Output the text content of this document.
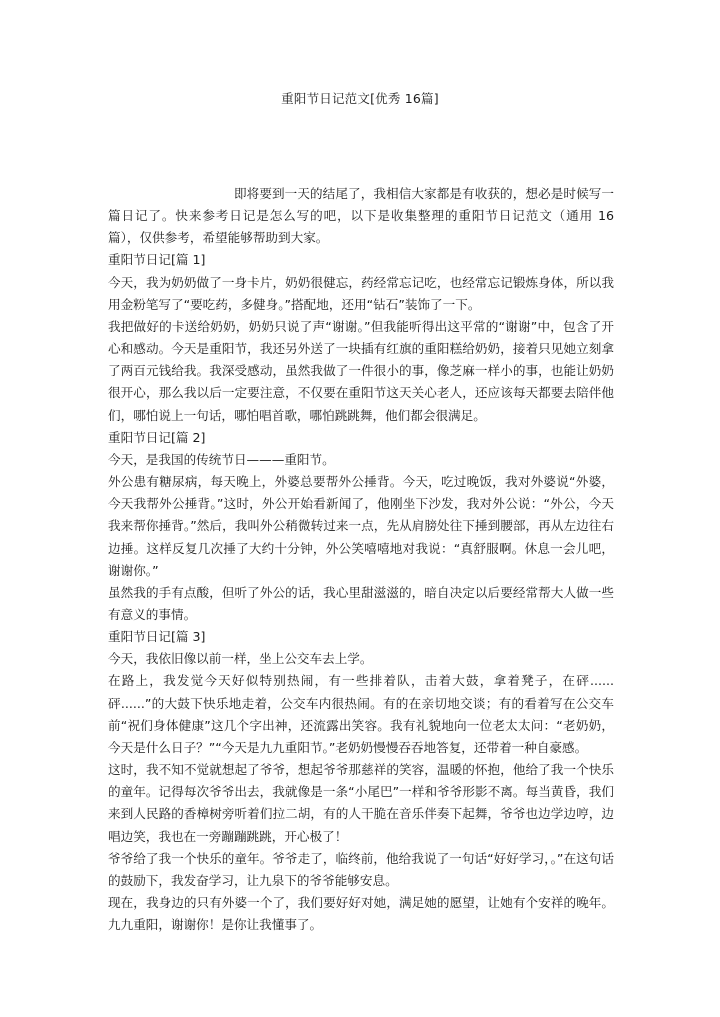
重阳节日记范文[优秀 16篇]

即将要到一天的结尾了，我相信大家都是有收获的，想必是时候写一篇日记了。快来参考日记是怎么写的吧，以下是收集整理的重阳节日记范文（通用 16 篇），仅供参考，希望能够帮助到大家。

重阳节日记[篇 1]

今天，我为奶奶做了一身卡片，奶奶很健忘，药经常忘记吃，也经常忘记锻炼身体，所以我用金粉笔写了“要吃药，多健身。”搭配地，还用“钻石”装饰了一下。

我把做好的卡送给奶奶，奶奶只说了声“谢谢。”但我能听得出这平常的“谢谢”中，包含了开心和感动。今天是重阳节，我还另外送了一块插有红旗的重阳糕给奶奶，接着只见她立刻拿了两百元钱给我。我深受感动，虽然我做了一件很小的事，像芝麻一样小的事，也能让奶奶很开心，那么我以后一定要注意，不仅要在重阳节这天关心老人，还应该每天都要去陪伴他们，哪怕说上一句话，哪怕唱首歌，哪怕跳跳舞，他们都会很满足。

重阳节日记[篇 2]

今天，是我国的传统节日———重阳节。

外公患有糖尿病，每天晚上，外婆总要帮外公捶背。今天，吃过晚饭，我对外婆说“外婆，今天我帮外公捶背。”这时，外公开始看新闻了，他刚坐下沙发，我对外公说：“外公，今天我来帮你捶背。”然后，我叫外公稍微转过来一点，先从肩膀处往下捶到腰部，再从左边往右边捶。这样反复几次捶了大约十分钟，外公笑嘻嘻地对我说：“真舒服啊。休息一会儿吧，谢谢你。”

虽然我的手有点酸，但听了外公的话，我心里甜滋滋的，暗自决定以后要经常帮大人做一些有意义的事情。

重阳节日记[篇 3]

今天，我依旧像以前一样，坐上公交车去上学。

在路上，我发觉今天好似特别热闹，有一些排着队，击着大鼓，拿着凳子，在砰......砰......”的大鼓下快乐地走着，公交车内很热闹。有的在亲切地交谈；有的看着写在公交车前“祝们身体健康”这几个字出神，还流露出笑容。我有礼貌地向一位老太太问：“老奶奶，今天是什么日子？”“今天是九九重阳节。”老奶奶慢慢吞吞地答复，还带着一种自豪感。

这时，我不知不觉就想起了爷爷，想起爷爷那慈祥的笑容，温暖的怀抱，他给了我一个快乐的童年。记得每次爷爷出去，我就像是一条“小尾巴”一样和爷爷形影不离。每当黄昏，我们来到人民路的香樟树旁听着们拉二胡，有的人干脆在音乐伴奏下起舞，爷爷也边学边哼，边唱边笑，我也在一旁蹦蹦跳跳，开心极了！

爷爷给了我一个快乐的童年。爷爷走了，临终前，他给我说了一句话“好好学习，。”在这句话的鼓励下，我发奋学习，让九泉下的爷爷能够安息。

现在，我身边的只有外婆一个了，我们要好好对她，满足她的愿望，让她有个安祥的晚年。九九重阳，谢谢你！是你让我懂事了。
